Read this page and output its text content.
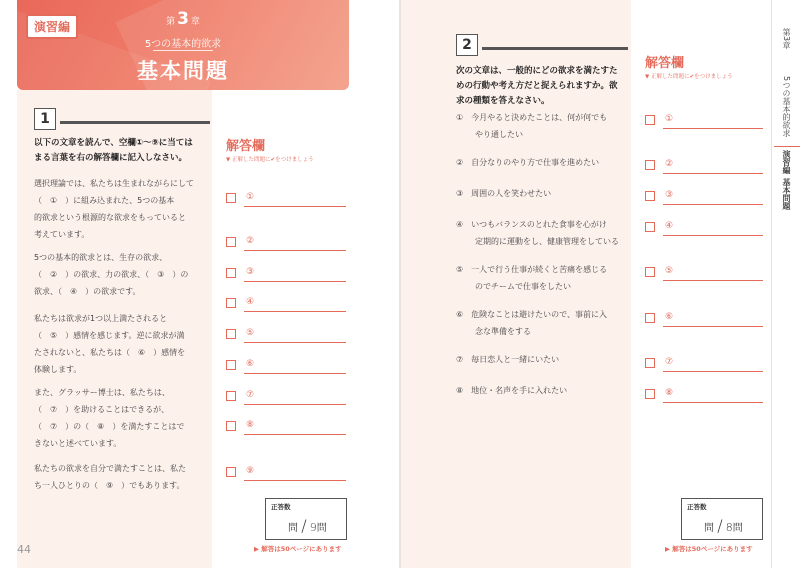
第 3 章
5つの基本的欲求
基本問題
演習編
1
以下の文章を読んで、空欄①〜⑨に当ては
まる言葉を右の解答欄に記入しなさい。
選択理論では、私たちは生まれながらにして
（　①　）に組み込まれた、5つの基本
的欲求という根源的な欲求をもっていると
考えています。
5つの基本的欲求とは、生存の欲求、
（　②　）の欲求、力の欲求、（　③　）の
欲求、（　④　）の欲求です。
私たちは欲求が1つ以上満たされると
（　⑤　）感情を感じます。逆に欲求が満
たされないと、私たちは（　⑥　）感情を
体験します。
また、グラッサー博士は、私たちは、
（　⑦　）を助けることはできるが、
（　⑦　）の（　⑧　）を満たすことはで
きないと述べています。
私たちの欲求を自分で満たすことは、私た
ち一人ひとりの（　⑨　）でもあります。
解答欄
▼ 正解した問題に✔をつけましょう
①
②
③
④
⑤
⑥
⑦
⑧
⑨
正答数
問 / 9問
▶ 解答は50ページにあります
44
2
次の文章は、一般的にどの欲求を満たすた
めの行動や考え方だと捉えられますか。欲
求の種類を答えなさい。
① 今月やると決めたことは、何が何でも
やり通したい
② 自分なりのやり方で仕事を進めたい
③ 周囲の人を笑わせたい
④ いつもバランスのとれた食事を心がけ
定期的に運動をし、健康管理をしている
⑤ 一人で行う仕事が続くと苦痛を感じる
のでチームで仕事をしたい
⑥ 危険なことは避けたいので、事前に入
念な準備をする
⑦ 毎日恋人と一緒にいたい
⑧ 地位・名声を手に入れたい
解答欄
▼ 正解した問題に✔をつけましょう
①
②
③
④
⑤
⑥
⑦
⑧
正答数
問 / 8問
▶ 解答は50ページにあります
第3章
5つの基本的欲求
演習編
基本問題
